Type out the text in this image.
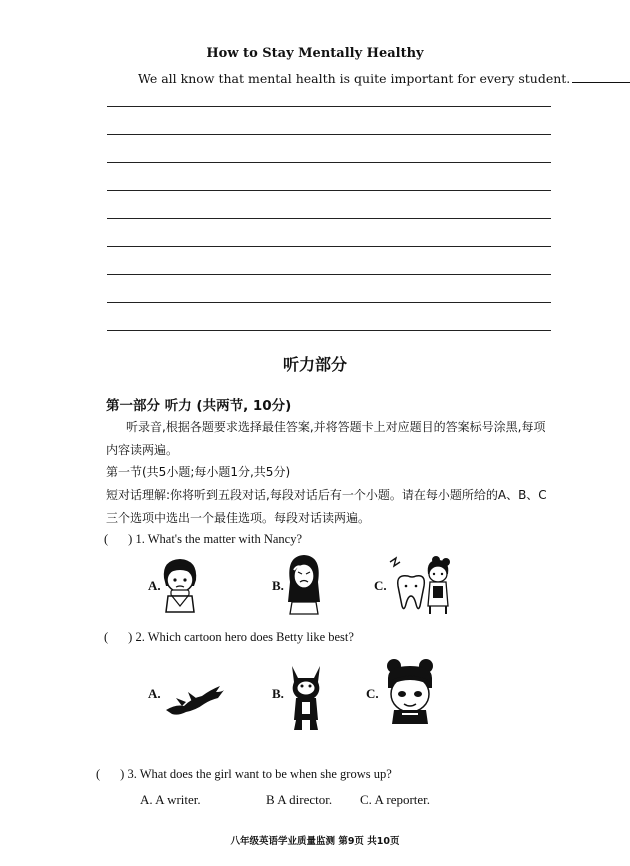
How to Stay Mentally Healthy
We all know that mental health is quite important for every student.
听力部分
第一部分 听力 (共两节, 10分)
听录音,根据各题要求选择最佳答案,并将答题卡上对应题目的答案标号涂黑,每项内容读两遍。
第一节(共5小题;每小题1分,共5分)
短对话理解:你将听到五段对话,每段对话后有一个小题。请在每小题所给的A、B、C三个选项中选出一个最佳选项。每段对话读两遍。
( ) 1. What's the matter with Nancy?
A.	B.	C.
( ) 2. Which cartoon hero does Betty like best?
A.	B.	C.
( ) 3. What does the girl want to be when she grows up?
A. A writer.	B A director. C. A reporter.
八年级英语学业质量监测 第9页 共10页
